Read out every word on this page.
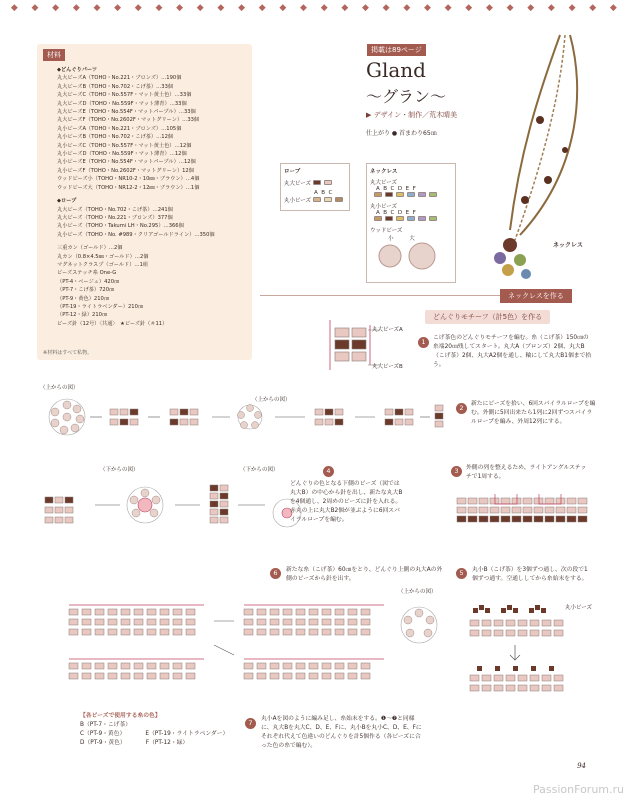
◆ ◆ ◆ ◆ ◆ ◆ ◆ ◆ ◆ ◆ ◆ ◆ ◆ ◆ ◆ ◆ ◆ ◆ ◆ ◆ ◆ ◆ ◆ ◆ ◆ ◆ ◆ ◆ ◆ ◆
材料
◆どんぐりパーツ
丸大ビーズA（TOHO・No.221・ブロンズ）…190個
丸大ビーズB（TOHO・No.702・こげ茶）…33個
丸大ビーズC（TOHO・No.557F・マット黄土色）…33個
丸大ビーズD（TOHO・No.559F・マット薄青）…33個
丸大ビーズE（TOHO・No.554F・マットパープル）…33個
丸大ビーズF（TOHO・No.2602F・マットグリーン）…33個
丸小ビーズA（TOHO・No.221・ブロンズ）…105個
丸小ビーズB（TOHO・No.702・こげ茶）…12個
丸小ビーズC（TOHO・No.557F・マット黄土色）…12個
丸小ビーズD（TOHO・No.559F・マット薄青）…12個
丸小ビーズE（TOHO・No.554F・マットパープル）…12個
丸小ビーズF（TOHO・No.2602F・マットグリーン）12個
ウッドビーズ小（TOHO・NR10-2・10㎜・ブラウン）…4個
ウッドビーズ大（TOHO・NR12-2・12㎜・ブラウン）…1個
◆ロープ
丸大ビーズ（TOHO・No.702・こげ茶）…241個
丸大ビーズ（TOHO・No.221・ブロンズ）377個
丸小ビーズ（TOHO・Takumi LH・No.295）…366個
丸小ビーズ（TOHO・No. #989・クリアゴールドライン）…350個
三重カン（ゴールド）…2個
丸カン（0.8×4.5㎜・ゴールド）…2個
マグネットクラスプ（ゴールド）…1組
ビーズステッチ糸 One-G
（PT-4・ベージュ）420㎝
（PT-7・こげ茶）720㎝
（PT-9・黄色）210㎝
（PT-19・ライトラベンダー）210㎝
（PT-12・緑）210㎝
ビーズ針（12号）〈共通〉　★ビーズ針（＃11）
※材料はすべて私物。
掲載は89ページ
Gland
〜グラン〜
▶ デザイン・制作／荒木晴美
仕上がり ● 首まわり65㎝
ネックレス
ロープ
丸大ビーズ
A B C
丸小ビーズ
ネックレス
丸大ビーズ
A B C D E F
丸小ビーズ
A B C D E F
ウッドビーズ
小	大
ネックレスを作る
どんぐりモチーフ（計5色）を作る
丸大ビーズA
丸大ビーズB
1	こげ茶色のどんぐりモチーフを編む。糸（こげ茶）150㎝の糸端20㎝残してスタート。丸大A（ブロンズ）2個、丸大B（こげ茶）2個、丸大A2個を通し、輪にして丸大B1個まで拾う。
（上からの図）
（上からの図）
2	新たにビーズを拾い、6回スパイラルロープを編む。外側に5回出来たら1列に2回ずつスパイラルロープを編み、外周12列にする。
（下からの図）	（下からの図）	4
どんぐりの色となる下側のビーズ（図では丸大B）の中心から針を出し、新たな丸大Bを4個通し、2周めのビーズに針を入れる。赤丸の上に丸大B2個が並ぶように6回スパイラルロープを編む。
3	外側の列を整えるため、ライトアングルステッチで1周する。
6	新たな糸（こげ茶）60㎝をとり、どんぐり上側の丸大Aの外側のビーズから針を出す。
（上からの図）
5	丸小B（こげ茶）を3個ずつ通し、次の段で1個ずつ通す。空通ししてから糸始末をする。
丸小ビーズ
【各ビーズで使用する糸の色】
B（PT-7・こげ茶）
C（PT-9・黄色）	E（PT-19・ライトラベンダー）
D（PT-9・黄色）	F（PT-12・緑）
7	丸小Aを図のように編み足し、糸始末をする。❶〜❼と同様に、丸大Bを丸大C、D、E、Fに、丸小Bを丸小C、D、E、Fにそれぞれ代えて色違いのどんぐりを計5個作る（各ビーズに合った色の糸で編む）。
94
PassionForum.ru
